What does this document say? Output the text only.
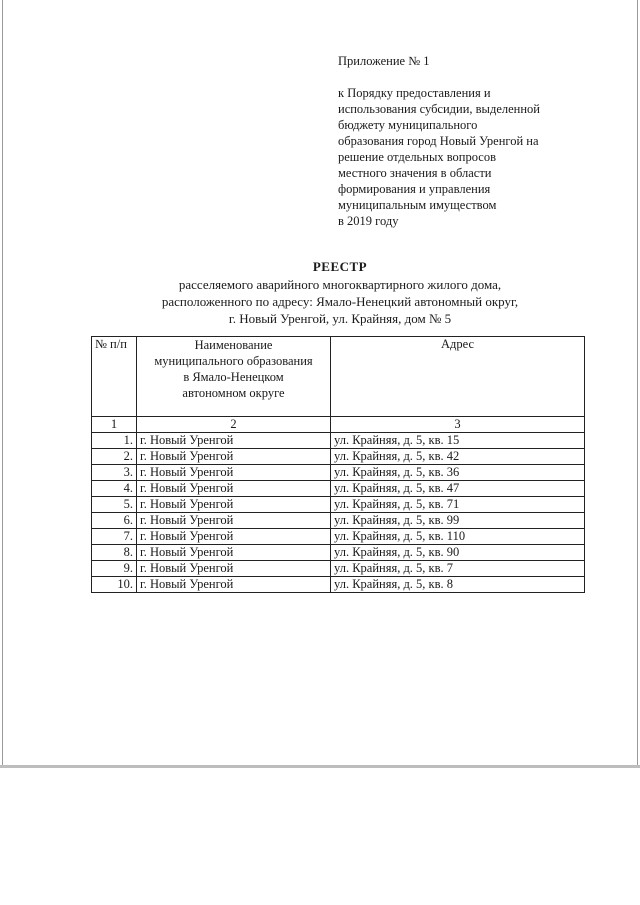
Приложение № 1
к Порядку предоставления и
использования субсидии, выделенной
бюджету муниципального
образования город Новый Уренгой на
решение отдельных вопросов
местного значения в области
формирования и управления
муниципальным имуществом
в 2019 году
РЕЕСТР
расселяемого аварийного многоквартирного жилого дома,
расположенного по адресу: Ямало-Ненецкий автономный округ,
г. Новый Уренгой, ул. Крайняя, дом № 5
№ п/п	Наименование
муниципального образования
в Ямало-Ненецком
автономном округе	Адрес
1	2	3
1.	г. Новый Уренгой	ул. Крайняя, д. 5, кв. 15
2.	г. Новый Уренгой	ул. Крайняя, д. 5, кв. 42
3.	г. Новый Уренгой	ул. Крайняя, д. 5, кв. 36
4.	г. Новый Уренгой	ул. Крайняя, д. 5, кв. 47
5.	г. Новый Уренгой	ул. Крайняя, д. 5, кв. 71
6.	г. Новый Уренгой	ул. Крайняя, д. 5, кв. 99
7.	г. Новый Уренгой	ул. Крайняя, д. 5, кв. 110
8.	г. Новый Уренгой	ул. Крайняя, д. 5, кв. 90
9.	г. Новый Уренгой	ул. Крайняя, д. 5, кв. 7
10.	г. Новый Уренгой	ул. Крайняя, д. 5, кв. 8
